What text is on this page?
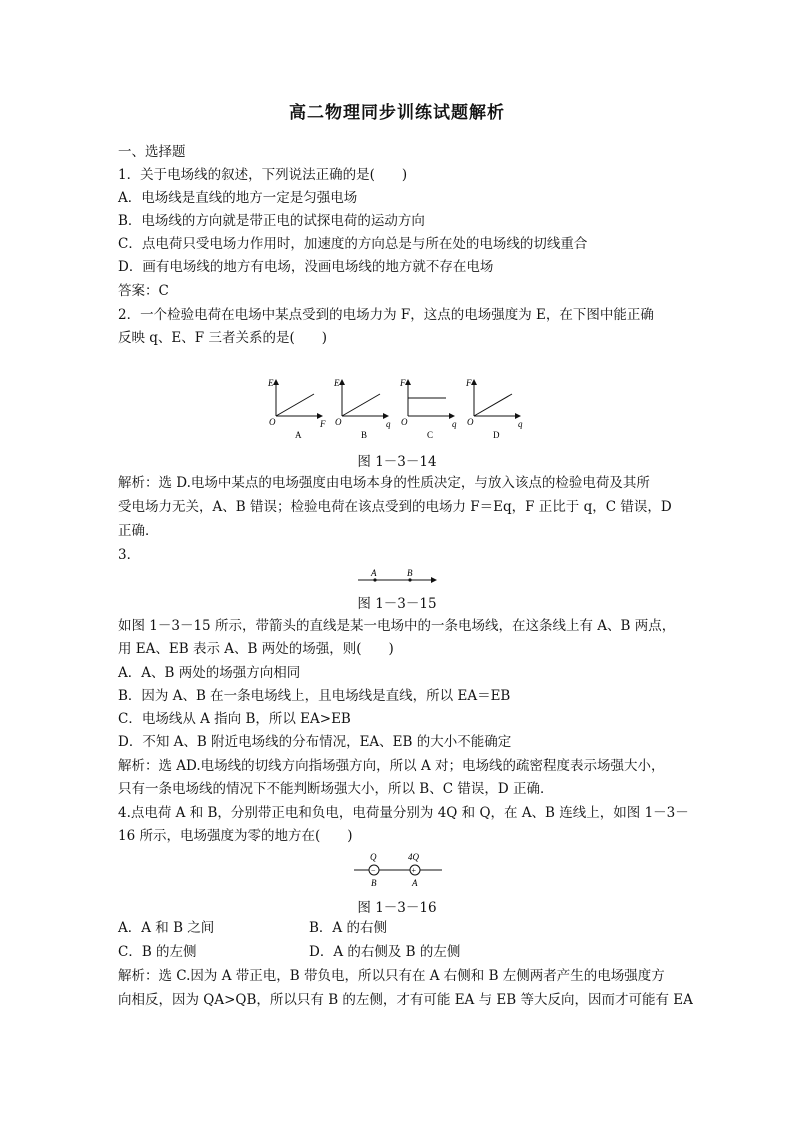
高二物理同步训练试题解析
一、选择题
1．关于电场线的叙述，下列说法正确的是(　　)
A．电场线是直线的地方一定是匀强电场
B．电场线的方向就是带正电的试探电荷的运动方向
C．点电荷只受电场力作用时，加速度的方向总是与所在处的电场线的切线重合
D．画有电场线的地方有电场，没画电场线的地方就不存在电场
答案：C
2．一个检验电荷在电场中某点受到的电场力为 F，这点的电场强度为 E，在下图中能正确
反映 q、E、F 三者关系的是(　　)
E
O	F
A
E
O	q
B
F
O	q
C
F
O	q
D
图 1－3－14
解析：选 D.电场中某点的电场强度由电场本身的性质决定，与放入该点的检验电荷及其所
受电场力无关，A、B 错误；检验电荷在该点受到的电场力 F＝Eq，F 正比于 q，C 错误，D
正确．
3．
A	B
图 1－3－15
如图 1－3－15 所示，带箭头的直线是某一电场中的一条电场线，在这条线上有 A、B 两点，
用 EA、EB 表示 A、B 两处的场强，则(　　)
A．A、B 两处的场强方向相同
B．因为 A、B 在一条电场线上，且电场线是直线，所以 EA＝EB
C．电场线从 A 指向 B，所以 EA>EB
D．不知 A、B 附近电场线的分布情况，EA、EB 的大小不能确定
解析：选 AD.电场线的切线方向指场强方向，所以 A 对；电场线的疏密程度表示场强大小，
只有一条电场线的情况下不能判断场强大小，所以 B、C 错误，D 正确．
4.点电荷 A 和 B，分别带正电和负电，电荷量分别为 4Q 和 Q，在 A、B 连线上，如图 1－3－
16 所示，电场强度为零的地方在(　　)
−	+
Q	4Q
B	A
图 1－3－16
A．A 和 B 之间	B．A 的右侧
C．B 的左侧	D．A 的右侧及 B 的左侧
解析：选 C.因为 A 带正电，B 带负电，所以只有在 A 右侧和 B 左侧两者产生的电场强度方
向相反，因为 QA>QB，所以只有 B 的左侧，才有可能 EA 与 EB 等大反向，因而才可能有 EA
